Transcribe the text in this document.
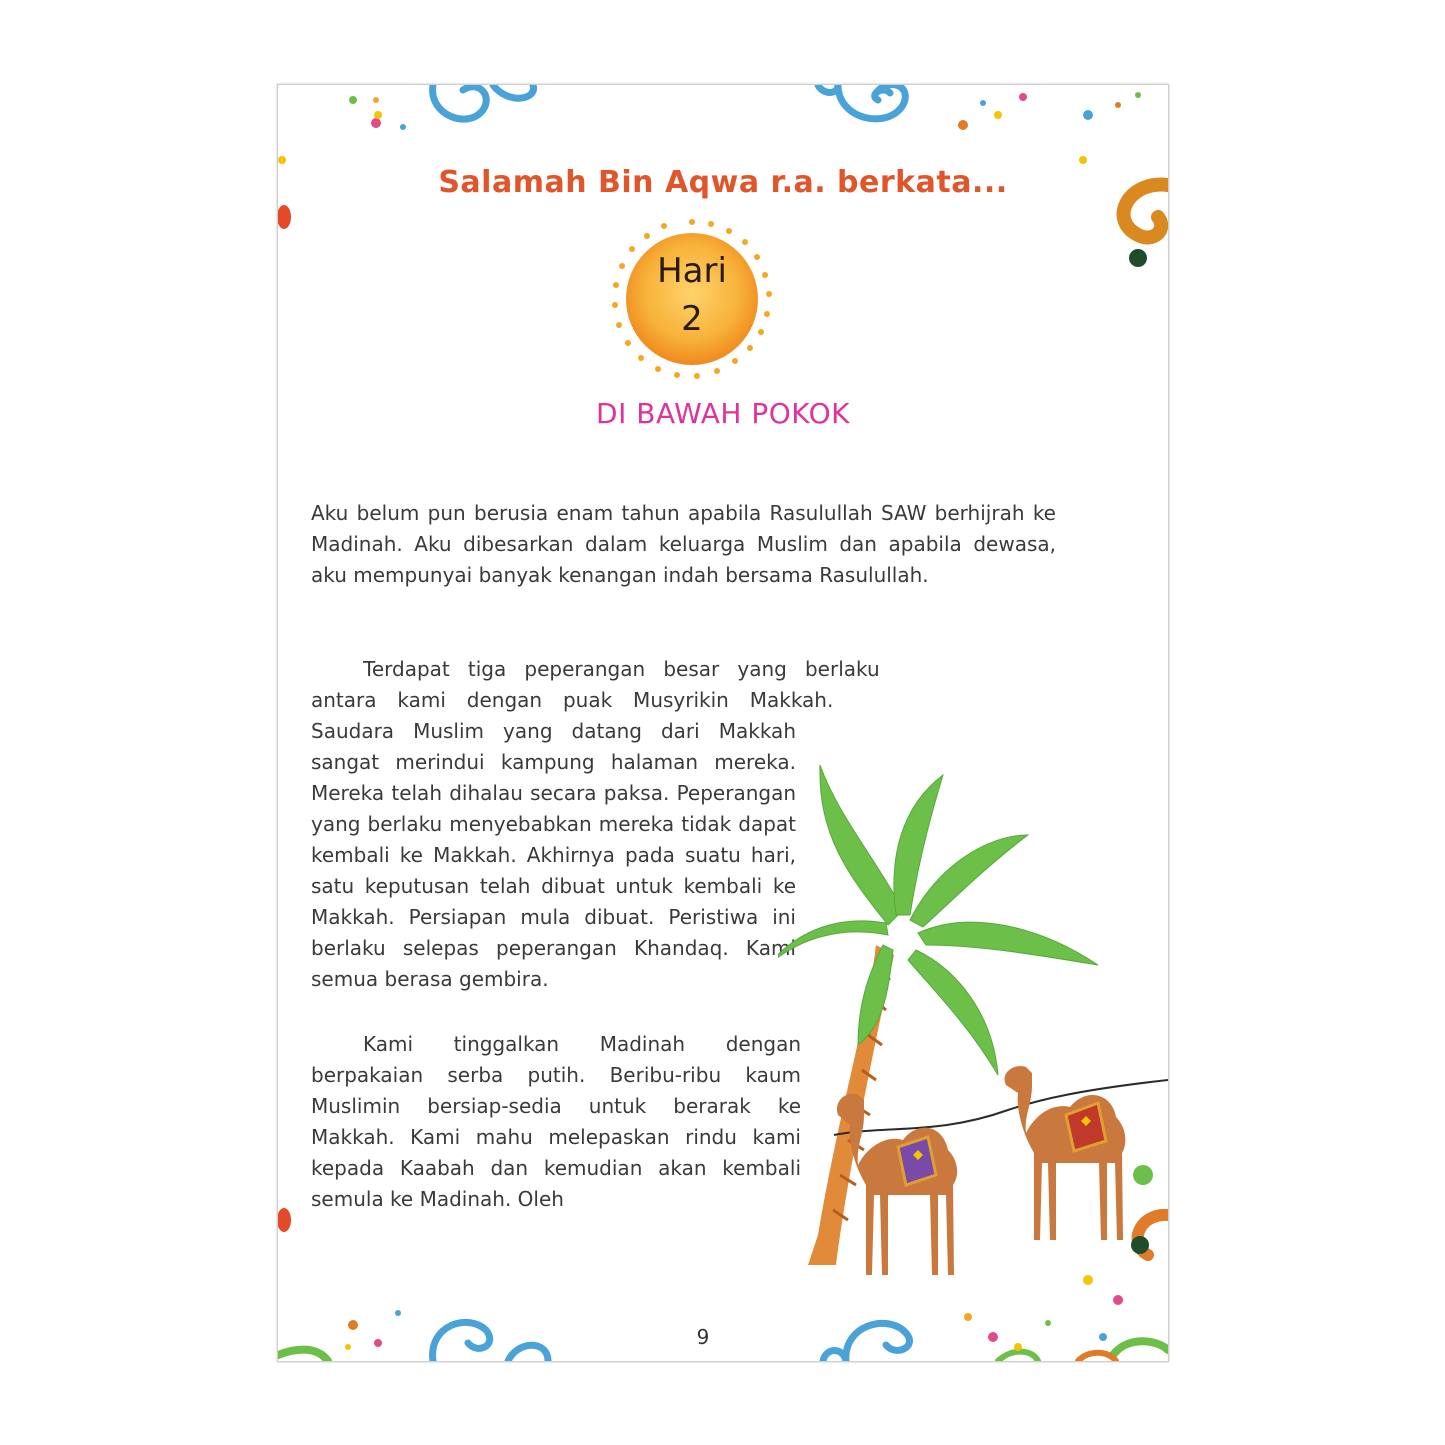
Salamah Bin Aqwa r.a. berkata...
Hari
2
DI BAWAH POKOK

Aku belum pun berusia enam tahun apabila Rasulullah SAW berhijrah ke Madinah. Aku dibesarkan dalam keluarga Muslim dan apabila dewasa, aku mempunyai banyak kenangan indah bersama Rasulullah.

Terdapat tiga peperangan besar yang berlaku antara kami dengan puak Musyrikin Makkah. Saudara Muslim yang datang dari Makkah sangat merindui kampung halaman mereka. Mereka telah dihalau secara paksa. Peperangan yang berlaku menyebabkan mereka tidak dapat kembali ke Makkah. Akhirnya pada suatu hari, satu keputusan telah dibuat untuk kembali ke Makkah. Persiapan mula dibuat. Peristiwa ini berlaku selepas peperangan Khandaq. Kami semua berasa gembira.

Kami tinggalkan Madinah dengan berpakaian serba putih. Beribu-ribu kaum Muslimin bersiap-sedia untuk berarak ke Makkah. Kami mahu melepaskan rindu kami kepada Kaabah dan kemudian akan kembali semula ke Madinah. Oleh

9
